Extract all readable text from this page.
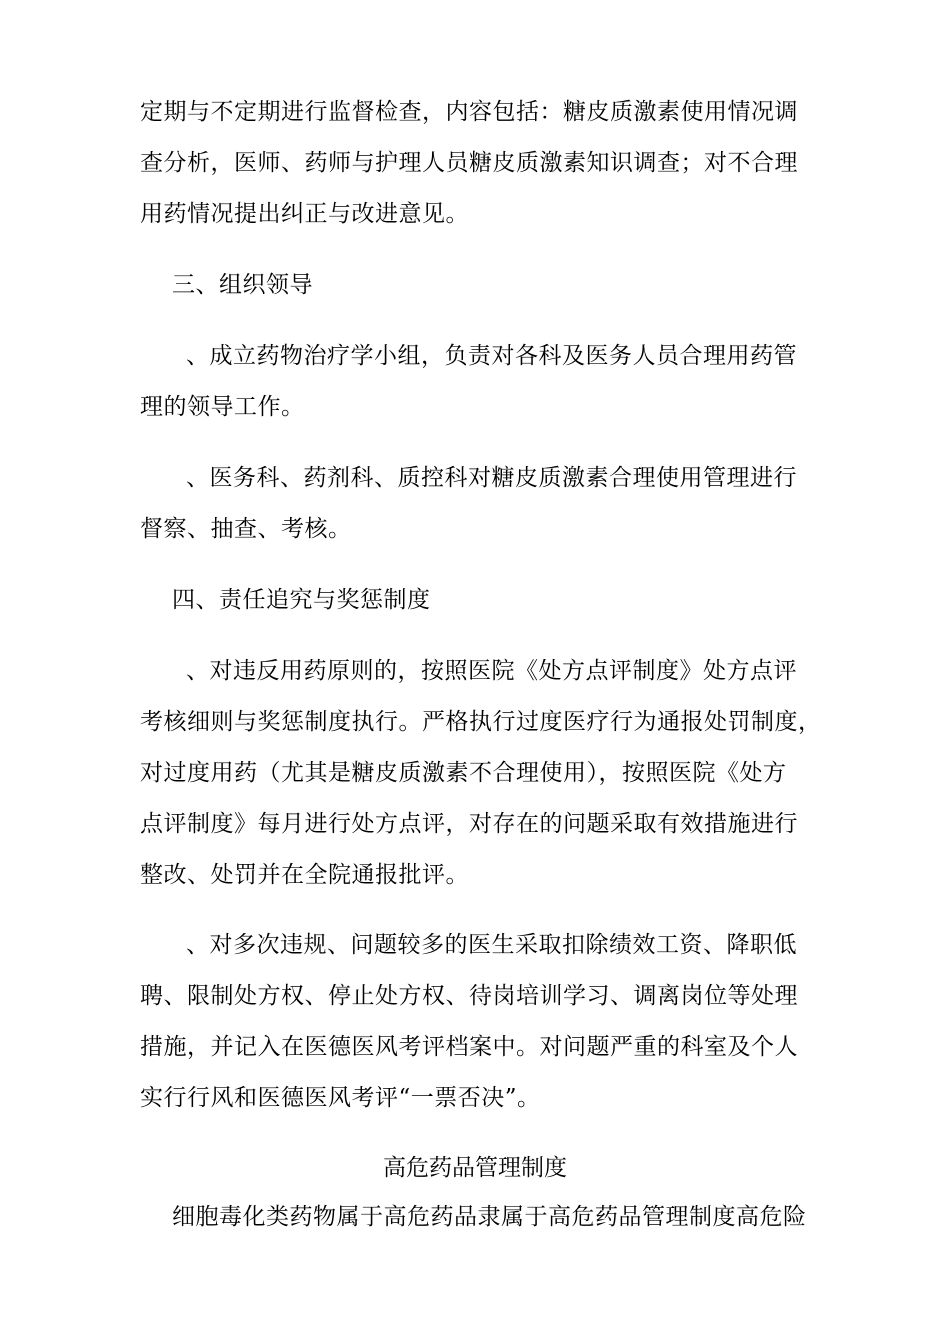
定期与不定期进行监督检查，内容包括：糖皮质激素使用情况调
查分析，医师、药师与护理人员糖皮质激素知识调查；对不合理
用药情况提出纠正与改进意见。
三、组织领导
、成立药物治疗学小组，负责对各科及医务人员合理用药管
理的领导工作。
、医务科、药剂科、质控科对糖皮质激素合理使用管理进行
督察、抽查、考核。
四、责任追究与奖惩制度
、对违反用药原则的，按照医院《处方点评制度》处方点评
考核细则与奖惩制度执行。严格执行过度医疗行为通报处罚制度，
对过度用药（尤其是糖皮质激素不合理使用），按照医院《处方
点评制度》每月进行处方点评，对存在的问题采取有效措施进行
整改、处罚并在全院通报批评。
、对多次违规、问题较多的医生采取扣除绩效工资、降职低
聘、限制处方权、停止处方权、待岗培训学习、调离岗位等处理
措施，并记入在医德医风考评档案中。对问题严重的科室及个人
实行行风和医德医风考评“一票否决”。
高危药品管理制度
细胞毒化类药物属于高危药品隶属于高危药品管理制度高危险
